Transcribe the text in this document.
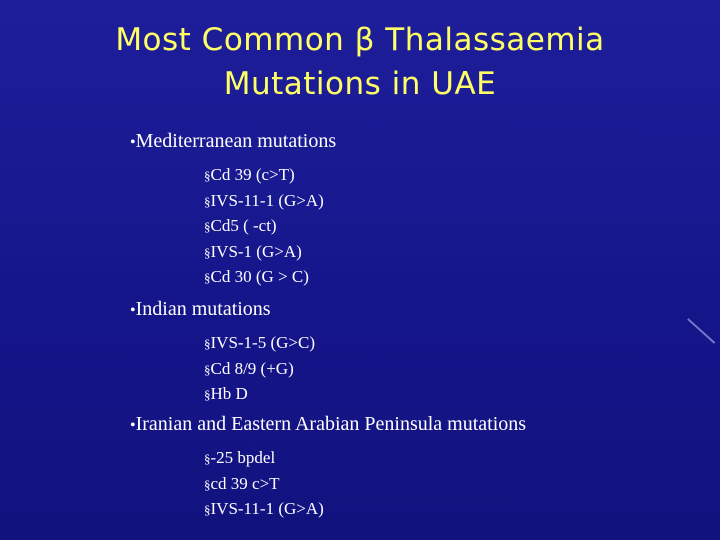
Most Common β Thalassaemia
Mutations in UAE
•Mediterranean mutations
§Cd 39 (c>T)
§IVS-11-1 (G>A)
§Cd5 ( -ct)
§IVS-1 (G>A)
§Cd 30 (G > C)
•Indian mutations
§IVS-1-5 (G>C)
§Cd 8/9 (+G)
§Hb D
•Iranian and Eastern Arabian Peninsula mutations
§-25 bpdel
§cd 39 c>T
§IVS-11-1 (G>A)
